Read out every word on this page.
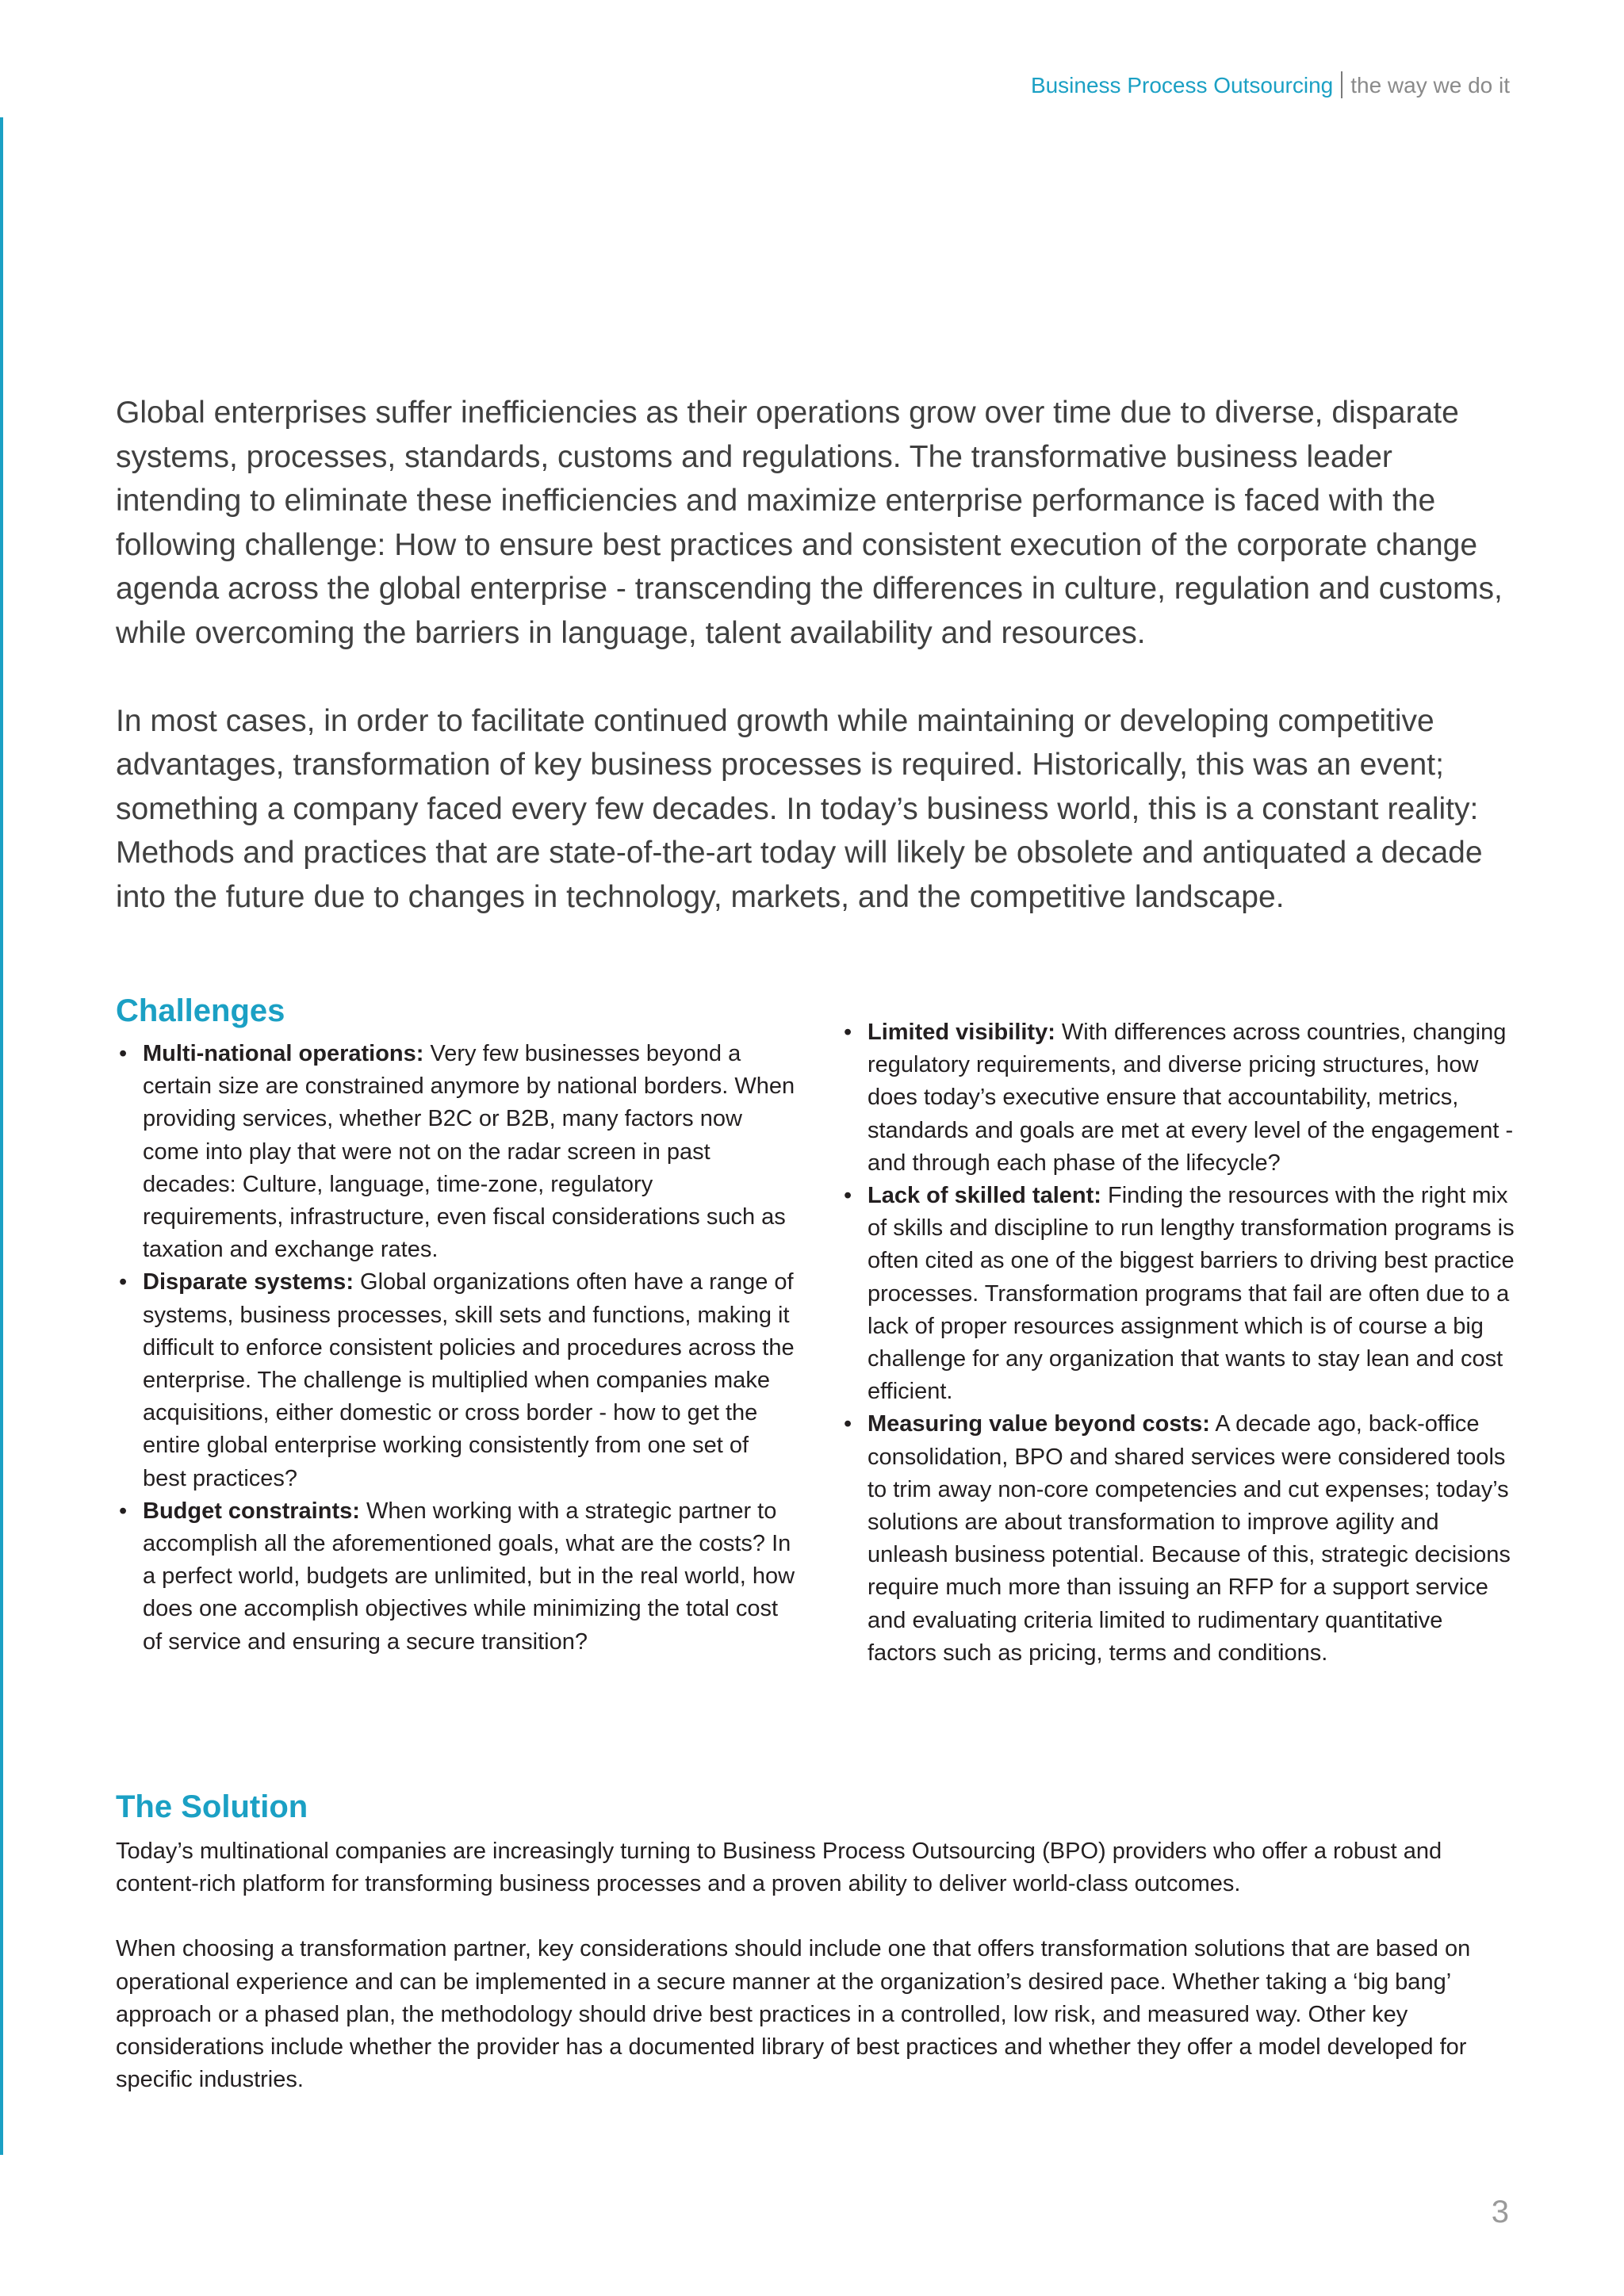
Business Process Outsourcing the way we do it

Global enterprises suffer inefficiencies as their operations grow over time due to diverse, disparate systems, processes, standards, customs and regulations. The transformative business leader intending to eliminate these inefficiencies and maximize enterprise performance is faced with the following challenge: How to ensure best practices and consistent execution of the corporate change agenda across the global enterprise - transcending the differences in culture, regulation and customs, while overcoming the barriers in language, talent availability and resources.

In most cases, in order to facilitate continued growth while maintaining or developing competitive advantages, transformation of key business processes is required. Historically, this was an event; something a company faced every few decades. In today’s business world, this is a constant reality: Methods and practices that are state-of-the-art today will likely be obsolete and antiquated a decade into the future due to changes in technology, markets, and the competitive landscape.

Challenges
• Multi-national operations: Very few businesses beyond a certain size are constrained anymore by national borders. When providing services, whether B2C or B2B, many factors now come into play that were not on the radar screen in past decades: Culture, language, time-zone, regulatory requirements, infrastructure, even fiscal considerations such as taxation and exchange rates.
• Disparate systems: Global organizations often have a range of systems, business processes, skill sets and functions, making it difficult to enforce consistent policies and procedures across the enterprise. The challenge is multiplied when companies make acquisitions, either domestic or cross border - how to get the entire global enterprise working consistently from one set of best practices?
• Budget constraints: When working with a strategic partner to accomplish all the aforementioned goals, what are the costs? In a perfect world, budgets are unlimited, but in the real world, how does one accomplish objectives while minimizing the total cost of service and ensuring a secure transition?
• Limited visibility: With differences across countries, changing regulatory requirements, and diverse pricing structures, how does today’s executive ensure that accountability, metrics, standards and goals are met at every level of the engagement - and through each phase of the lifecycle?
• Lack of skilled talent: Finding the resources with the right mix of skills and discipline to run lengthy transformation programs is often cited as one of the biggest barriers to driving best practice processes. Transformation programs that fail are often due to a lack of proper resources assignment which is of course a big challenge for any organization that wants to stay lean and cost efficient.
• Measuring value beyond costs: A decade ago, back-office consolidation, BPO and shared services were considered tools to trim away non-core competencies and cut expenses; today’s solutions are about transformation to improve agility and unleash business potential. Because of this, strategic decisions require much more than issuing an RFP for a support service and evaluating criteria limited to rudimentary quantitative factors such as pricing, terms and conditions.
The Solution

Today’s multinational companies are increasingly turning to Business Process Outsourcing (BPO) providers who offer a robust and content-rich platform for transforming business processes and a proven ability to deliver world-class outcomes.

When choosing a transformation partner, key considerations should include one that offers transformation solutions that are based on operational experience and can be implemented in a secure manner at the organization’s desired pace. Whether taking a ‘big bang’ approach or a phased plan, the methodology should drive best practices in a controlled, low risk, and measured way. Other key considerations include whether the provider has a documented library of best practices and whether they offer a model developed for specific industries.

3
